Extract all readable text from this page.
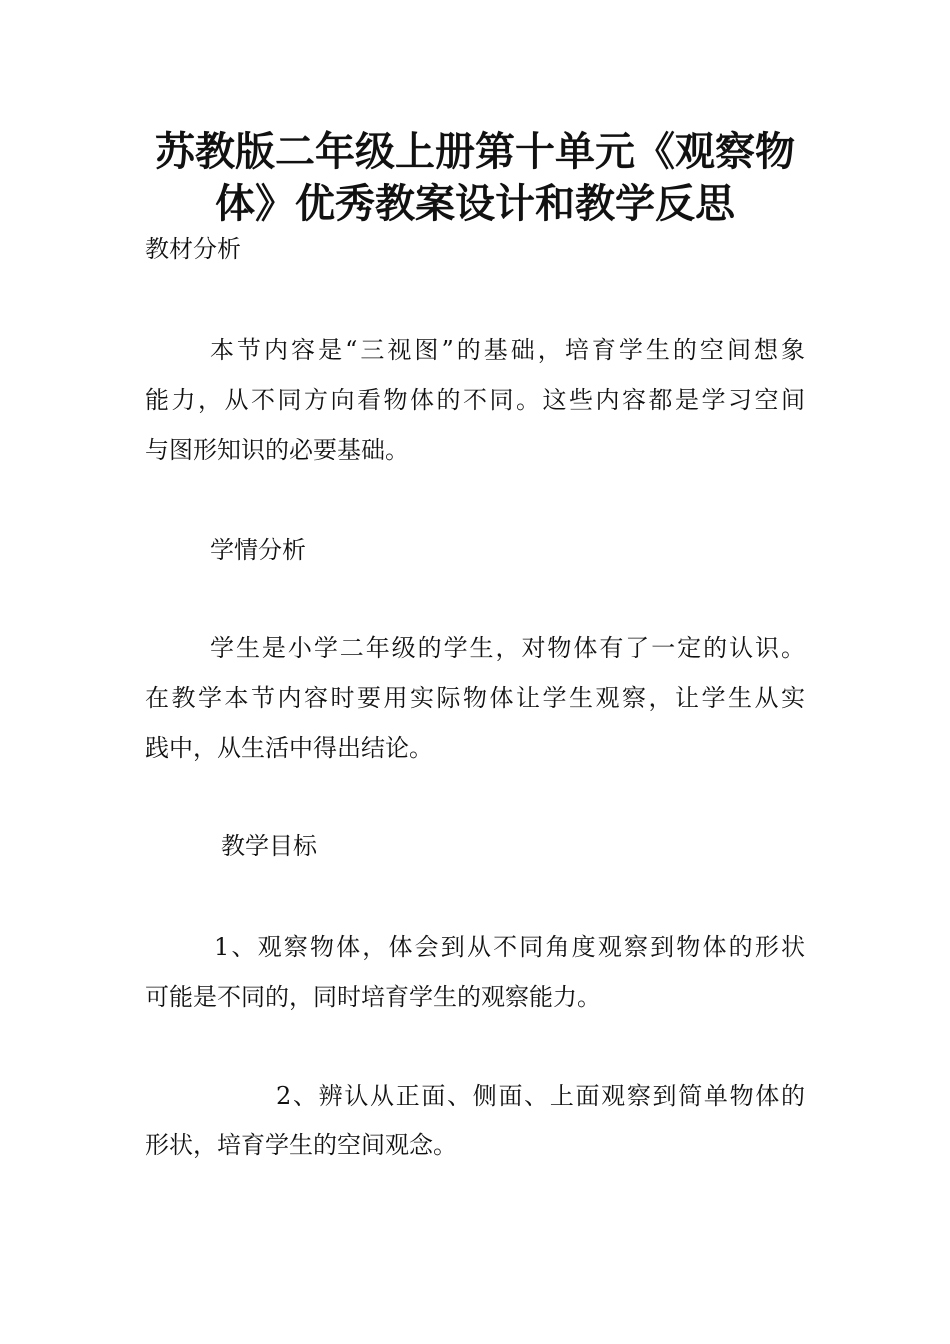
苏教版二年级上册第十单元《观察物
体》优秀教案设计和教学反思

教材分析

本节内容是“三视图”的基础，培育学生的空间想象

能力，从不同方向看物体的不同。这些内容都是学习空间

与图形知识的必要基础。

学情分析

学生是小学二年级的学生，对物体有了一定的认识。

在教学本节内容时要用实际物体让学生观察，让学生从实

践中，从生活中得出结论。

教学目标

1、观察物体，体会到从不同角度观察到物体的形状

可能是不同的，同时培育学生的观察能力。

2、辨认从正面、侧面、上面观察到简单物体的

形状，培育学生的空间观念。
